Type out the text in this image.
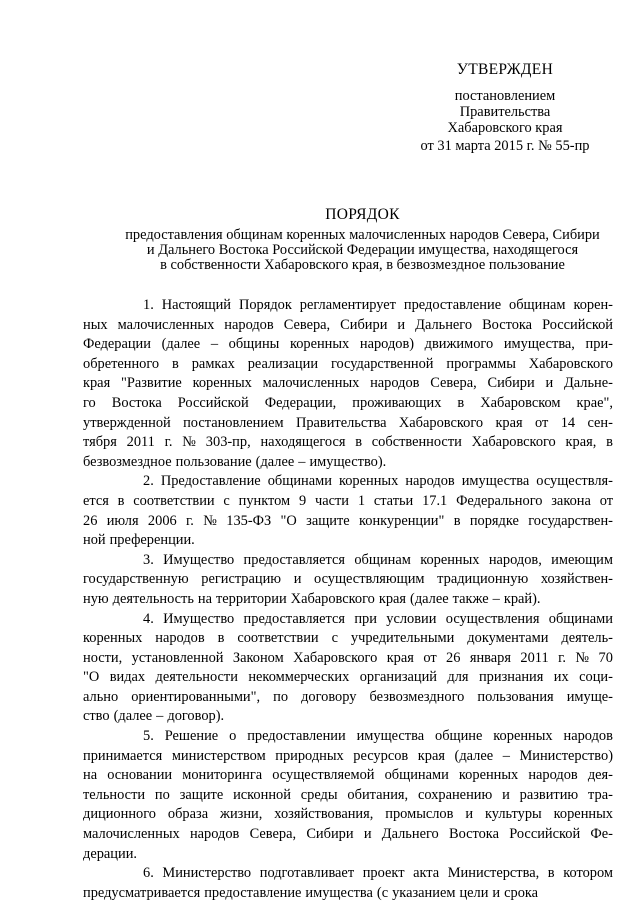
УТВЕРЖДЕН
постановлением
Правительства
Хабаровского края
от 31 марта 2015 г. № 55-пр
ПОРЯДОК
предоставления общинам коренных малочисленных народов Севера, Сибири
и Дальнего Востока Российской Федерации имущества, находящегося
в собственности Хабаровского края, в безвозмездное пользование
1. Настоящий Порядок регламентирует предоставление общинам корен-
ных малочисленных народов Севера, Сибири и Дальнего Востока Российской
Федерации (далее – общины коренных народов) движимого имущества, при-
обретенного в рамках реализации государственной программы Хабаровского
края "Развитие коренных малочисленных народов Севера, Сибири и Дальне-
го Востока Российской Федерации, проживающих в Хабаровском крае",
утвержденной постановлением Правительства Хабаровского края от 14 сен-
тября 2011 г. № 303-пр, находящегося в собственности Хабаровского края, в
безвозмездное пользование (далее – имущество).
2. Предоставление общинами коренных народов имущества осуществля-
ется в соответствии с пунктом 9 части 1 статьи 17.1 Федерального закона от
26 июля 2006 г. № 135-ФЗ "О защите конкуренции" в порядке государствен-
ной преференции.
3. Имущество предоставляется общинам коренных народов, имеющим
государственную регистрацию и осуществляющим традиционную хозяйствен-
ную деятельность на территории Хабаровского края (далее также – край).
4. Имущество предоставляется при условии осуществления общинами
коренных народов в соответствии с учредительными документами деятель-
ности, установленной Законом Хабаровского края от 26 января 2011 г. № 70
"О видах деятельности некоммерческих организаций для признания их соци-
ально ориентированными", по договору безвозмездного пользования имуще-
ство (далее – договор).
5. Решение о предоставлении имущества общине коренных народов
принимается министерством природных ресурсов края (далее – Министерство)
на основании мониторинга осуществляемой общинами коренных народов дея-
тельности по защите исконной среды обитания, сохранению и развитию тра-
диционного образа жизни, хозяйствования, промыслов и культуры коренных
малочисленных народов Севера, Сибири и Дальнего Востока Российской Фе-
дерации.
6. Министерство подготавливает проект акта Министерства, в котором
предусматривается предоставление имущества (с указанием цели и срока
